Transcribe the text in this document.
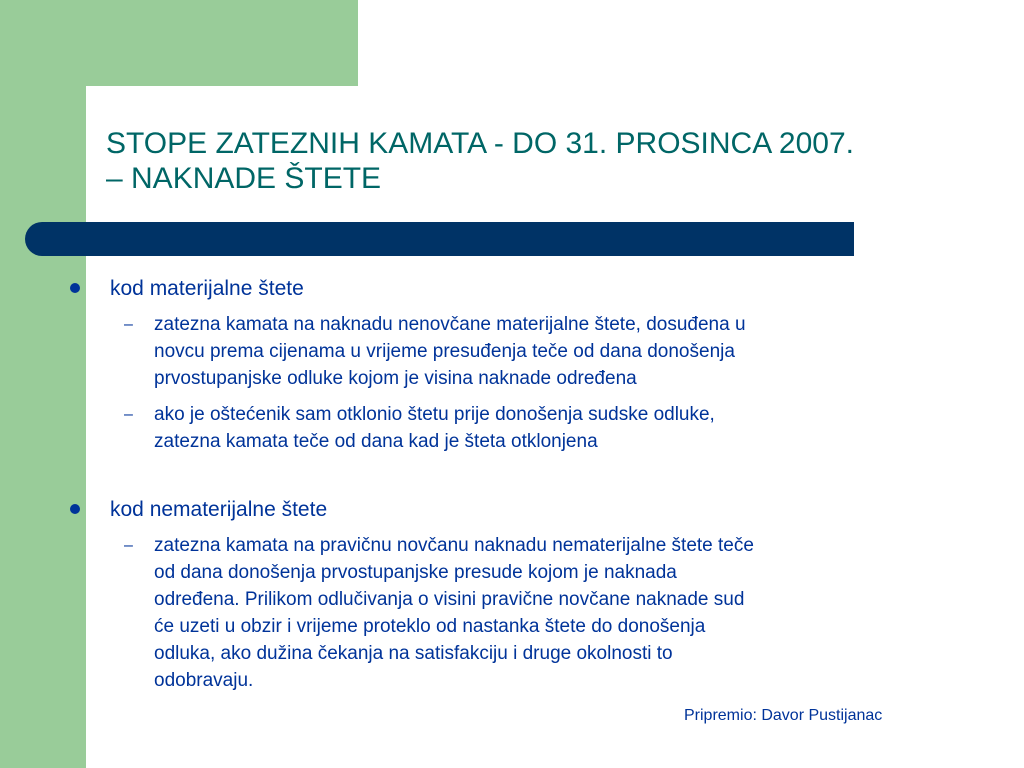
STOPE ZATEZNIH KAMATA - DO 31. PROSINCA 2007.
– NAKNADE ŠTETE
kod materijalne štete
– zatezna kamata na naknadu nenovčane materijalne štete, dosuđena u
novcu prema cijenama u vrijeme presuđenja teče od dana donošenja
prvostupanjske odluke kojom je visina naknade određena
– ako je oštećenik sam otklonio štetu prije donošenja sudske odluke,
zatezna kamata teče od dana kad je šteta otklonjena
kod nematerijalne štete
– zatezna kamata na pravičnu novčanu naknadu nematerijalne štete teče
od dana donošenja prvostupanjske presude kojom je naknada
određena. Prilikom odlučivanja o visini pravične novčane naknade sud
će uzeti u obzir i vrijeme proteklo od nastanka štete do donošenja
odluka, ako dužina čekanja na satisfakciju i druge okolnosti to
odobravaju.
Pripremio: Davor Pustijanac
